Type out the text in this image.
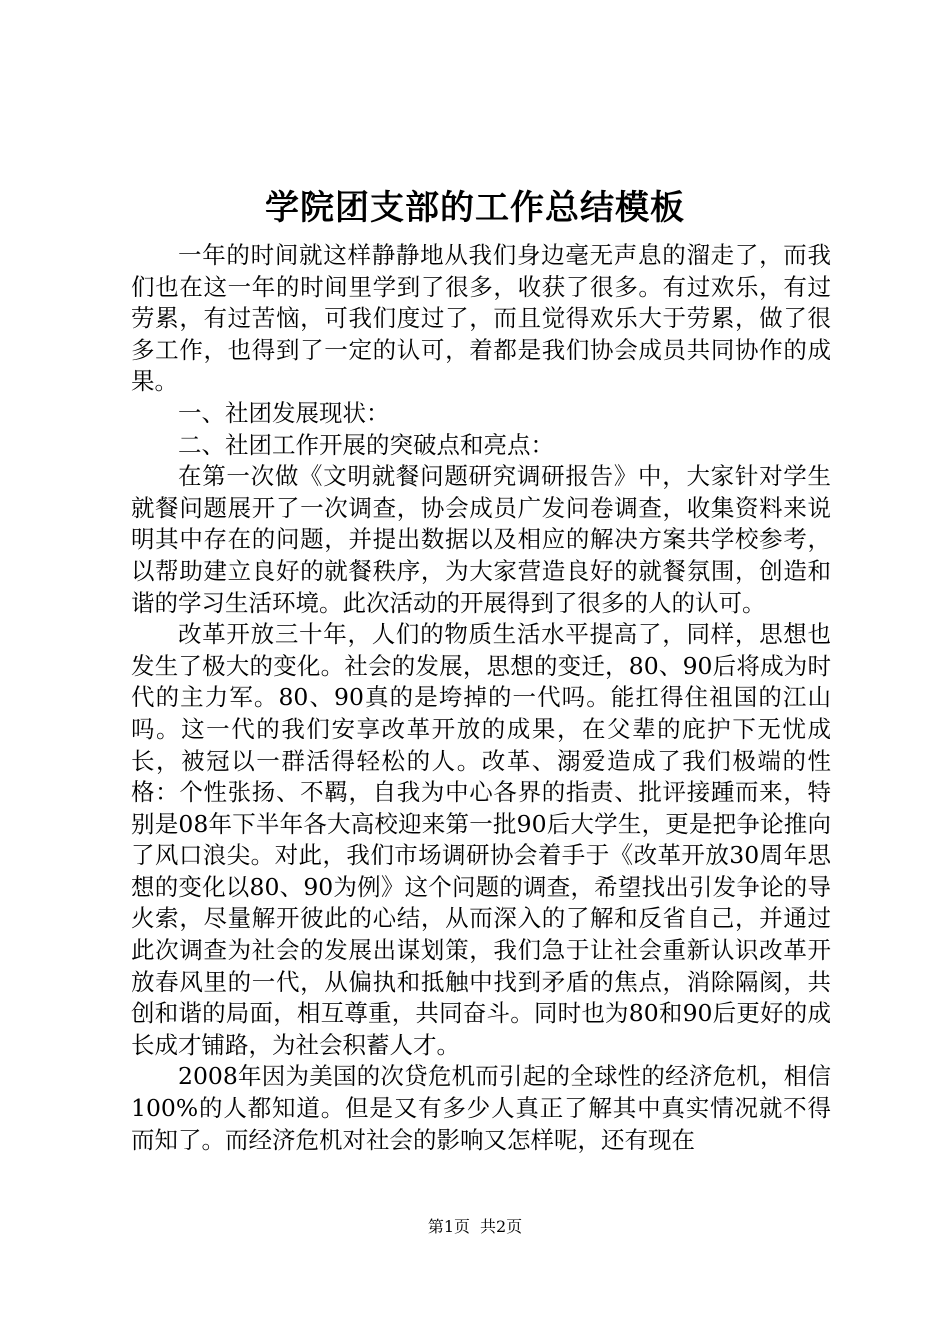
学院团支部的工作总结模板

一年的时间就这样静静地从我们身边毫无声息的溜走了，而我们也在这一年的时间里学到了很多，收获了很多。有过欢乐，有过劳累，有过苦恼，可我们度过了，而且觉得欢乐大于劳累，做了很多工作，也得到了一定的认可，着都是我们协会成员共同协作的成果。

一、社团发展现状：

二、社团工作开展的突破点和亮点：

在第一次做《文明就餐问题研究调研报告》中，大家针对学生就餐问题展开了一次调查，协会成员广发问卷调查，收集资料来说明其中存在的问题，并提出数据以及相应的解决方案共学校参考，以帮助建立良好的就餐秩序，为大家营造良好的就餐氛围，创造和谐的学习生活环境。此次活动的开展得到了很多的人的认可。

改革开放三十年，人们的物质生活水平提高了，同样，思想也发生了极大的变化。社会的发展，思想的变迁，80、90后将成为时代的主力军。80、90真的是垮掉的一代吗。能扛得住祖国的江山吗。这一代的我们安享改革开放的成果，在父辈的庇护下无忧成长，被冠以一群活得轻松的人。改革、溺爱造成了我们极端的性格：个性张扬、不羁，自我为中心各界的指责、批评接踵而来，特别是08年下半年各大高校迎来第一批90后大学生，更是把争论推向了风口浪尖。对此，我们市场调研协会着手于《改革开放30周年思想的变化以80、90为例》这个问题的调查，希望找出引发争论的导火索，尽量解开彼此的心结，从而深入的了解和反省自己，并通过此次调查为社会的发展出谋划策，我们急于让社会重新认识改革开放春风里的一代，从偏执和抵触中找到矛盾的焦点，消除隔阂，共创和谐的局面，相互尊重，共同奋斗。同时也为80和90后更好的成长成才铺路，为社会积蓄人才。

2008年因为美国的次贷危机而引起的全球性的经济危机，相信100%的人都知道。但是又有多少人真正了解其中真实情况就不得而知了。而经济危机对社会的影响又怎样呢，还有现在

第1页 共2页
